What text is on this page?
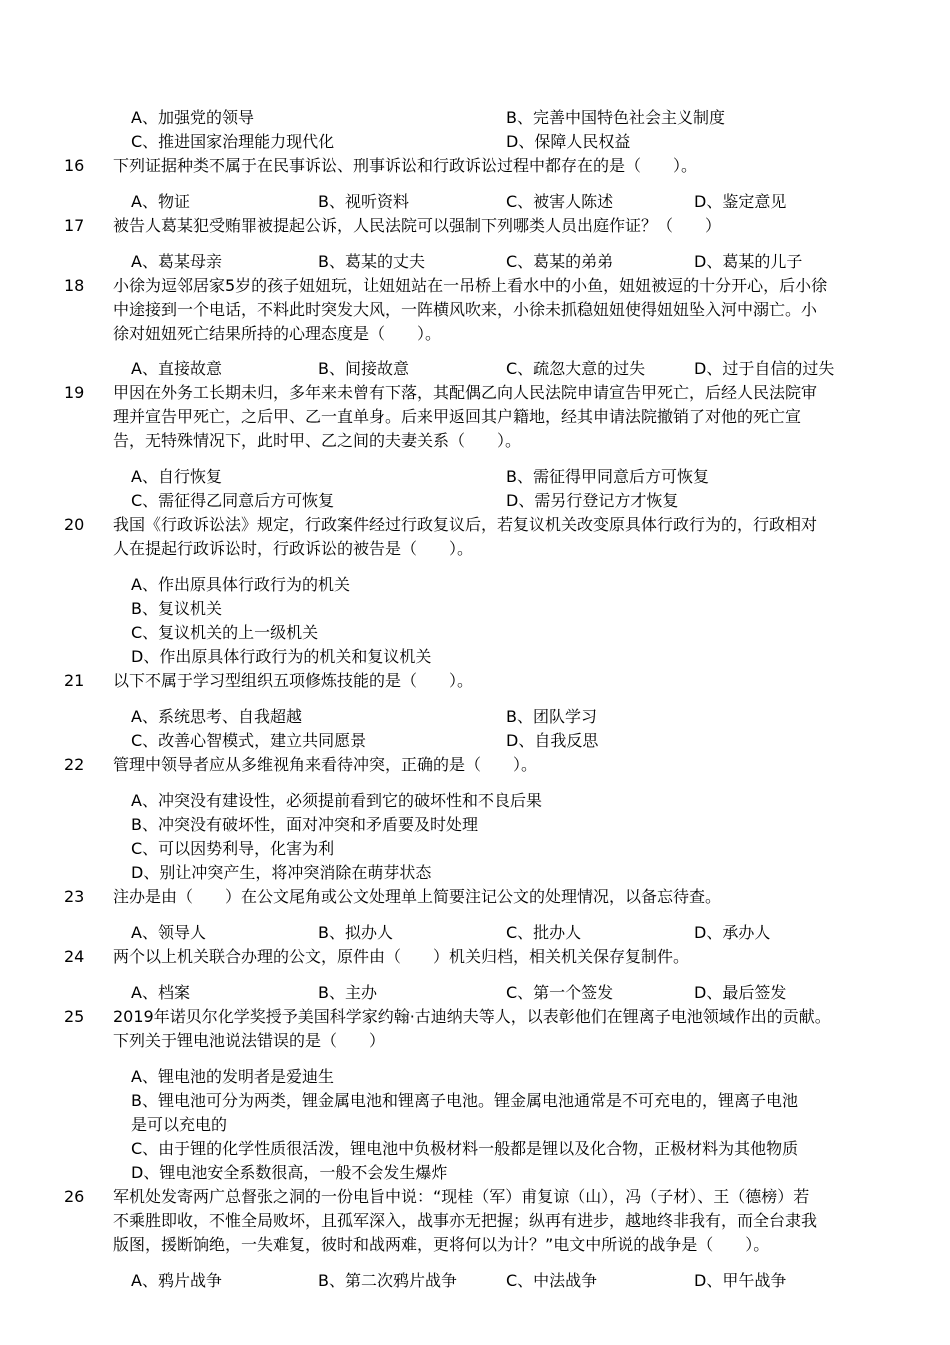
A、加强党的领导	B、完善中国特色社会主义制度
C、推进国家治理能力现代化	D、保障人民权益
16 下列证据种类不属于在民事诉讼、刑事诉讼和行政诉讼过程中都存在的是（　　）。
A、物证	B、视听资料	C、被害人陈述	D、鉴定意见
17 被告人葛某犯受贿罪被提起公诉，人民法院可以强制下列哪类人员出庭作证？（　　）
A、葛某母亲	B、葛某的丈夫	C、葛某的弟弟	D、葛某的儿子
18 小徐为逗邻居家5岁的孩子妞妞玩，让妞妞站在一吊桥上看水中的小鱼，妞妞被逗的十分开心，后小徐
中途接到一个电话，不料此时突发大风，一阵横风吹来，小徐未抓稳妞妞使得妞妞坠入河中溺亡。小
徐对妞妞死亡结果所持的心理态度是（　　）。
A、直接故意	B、间接故意	C、疏忽大意的过失	D、过于自信的过失
19 甲因在外务工长期未归，多年来未曾有下落，其配偶乙向人民法院申请宣告甲死亡，后经人民法院审
理并宣告甲死亡，之后甲、乙一直单身。后来甲返回其户籍地，经其申请法院撤销了对他的死亡宣
告，无特殊情况下，此时甲、乙之间的夫妻关系（　　）。
A、自行恢复	B、需征得甲同意后方可恢复
C、需征得乙同意后方可恢复	D、需另行登记方才恢复
20 我国《行政诉讼法》规定，行政案件经过行政复议后，若复议机关改变原具体行政行为的，行政相对
人在提起行政诉讼时，行政诉讼的被告是（　　）。
A、作出原具体行政行为的机关
B、复议机关
C、复议机关的上一级机关
D、作出原具体行政行为的机关和复议机关
21 以下不属于学习型组织五项修炼技能的是（　　）。
A、系统思考、自我超越	B、团队学习
C、改善心智模式，建立共同愿景	D、自我反思
22 管理中领导者应从多维视角来看待冲突，正确的是（　　）。
A、冲突没有建设性，必须提前看到它的破坏性和不良后果
B、冲突没有破坏性，面对冲突和矛盾要及时处理
C、可以因势利导，化害为利
D、别让冲突产生，将冲突消除在萌芽状态
23 注办是由（　　）在公文尾角或公文处理单上简要注记公文的处理情况，以备忘待查。
A、领导人	B、拟办人	C、批办人	D、承办人
24 两个以上机关联合办理的公文，原件由（　　）机关归档，相关机关保存复制件。
A、档案	B、主办	C、第一个签发	D、最后签发
25 2019年诺贝尔化学奖授予美国科学家约翰·古迪纳夫等人，以表彰他们在锂离子电池领域作出的贡献。
下列关于锂电池说法错误的是（　　）
A、锂电池的发明者是爱迪生
B、锂电池可分为两类，锂金属电池和锂离子电池。锂金属电池通常是不可充电的，锂离子电池
是可以充电的
C、由于锂的化学性质很活泼，锂电池中负极材料一般都是锂以及化合物，正极材料为其他物质
D、锂电池安全系数很高，一般不会发生爆炸
26 军机处发寄两广总督张之洞的一份电旨中说：“现桂（军）甫复谅（山），冯（子材）、王（德榜）若
不乘胜即收，不惟全局败坏，且孤军深入，战事亦无把握；纵再有进步，越地终非我有，而全台隶我
版图，援断饷绝，一失难复，彼时和战两难，更将何以为计？”电文中所说的战争是（　　）。
A、鸦片战争	B、第二次鸦片战争	C、中法战争	D、甲午战争
